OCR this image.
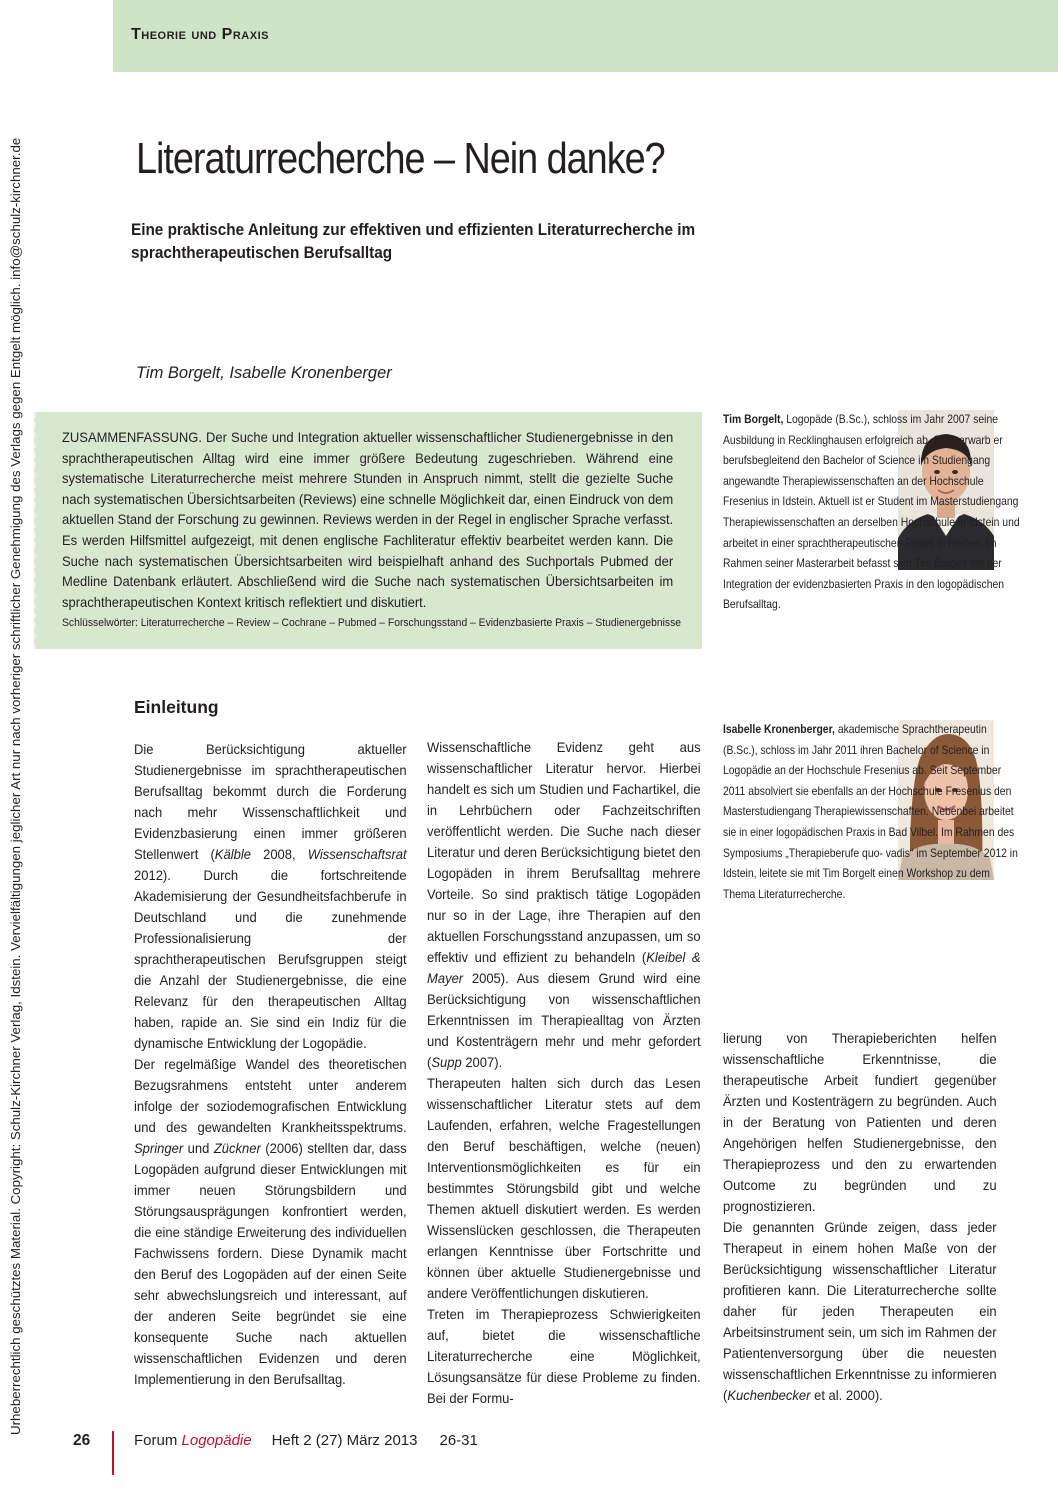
Theorie und Praxis
Urheberrechtlich geschütztes Material. Copyright: Schulz-Kirchner Verlag, Idstein. Vervielfältigungen jeglicher Art nur nach vorheriger schriftlicher Genehmigung des Verlags gegen Entgelt möglich. info@schulz-kirchner.de	Literaturrecherche – Nein danke?
Eine praktische Anleitung zur effektiven und effizienten Literaturrecherche im sprachtherapeutischen Berufsalltag
Tim Borgelt, Isabelle Kronenberger
ZUSAMMENFASSUNG. Der Suche und Integration aktueller wissenschaftlicher Studienergebnisse in den sprachtherapeutischen Alltag wird eine immer größere Bedeutung zugeschrieben. Während eine systematische Literaturrecherche meist mehrere Stunden in Anspruch nimmt, stellt die gezielte Suche nach systematischen Übersichtsarbeiten (Reviews) eine schnelle Möglichkeit dar, einen Eindruck von dem aktuellen Stand der Forschung zu gewinnen. Reviews werden in der Regel in englischer Sprache verfasst. Es werden Hilfsmittel aufgezeigt, mit denen englische Fachliteratur effektiv bearbeitet werden kann. Die Suche nach systematischen Übersichtsarbeiten wird beispielhaft anhand des Suchportals Pubmed der Medline Datenbank erläutert. Abschließend wird die Suche nach systematischen Übersichtsarbeiten im sprachtherapeutischen Kontext kritisch reflektiert und diskutiert.
Schlüsselwörter: Literaturrecherche – Review – Cochrane – Pubmed – Forschungsstand – Evidenzbasierte Praxis – Studienergebnisse
Einleitung

Die Berücksichtigung aktueller Studienergebnisse im sprachtherapeutischen Berufsalltag bekommt durch die Forderung nach mehr Wissenschaftlichkeit und Evidenzbasierung einen immer größeren Stellenwert (Kälble 2008, Wissenschaftsrat 2012). Durch die fortschreitende Akademisierung der Gesundheitsfachberufe in Deutschland und die zunehmende Professionalisierung der sprachtherapeutischen Berufsgruppen steigt die Anzahl der Studienergebnisse, die eine Relevanz für den therapeutischen Alltag haben, rapide an. Sie sind ein Indiz für die dynamische Entwicklung der Logopädie.

Der regelmäßige Wandel des theoretischen Bezugsrahmens entsteht unter anderem infolge der soziodemografischen Entwicklung und des gewandelten Krankheitsspektrums. Springer und Zückner (2006) stellten dar, dass Logopäden aufgrund dieser Entwicklungen mit immer neuen Störungsbildern und Störungsausprägungen konfrontiert werden, die eine ständige Erweiterung des individuellen Fachwissens fordern. Diese Dynamik macht den Beruf des Logopäden auf der einen Seite sehr abwechslungsreich und interessant, auf der anderen Seite begründet sie eine konsequente Suche nach aktuellen wissenschaftlichen Evidenzen und deren Implementierung in den Berufsalltag.

Wissenschaftliche Evidenz geht aus wissenschaftlicher Literatur hervor. Hierbei handelt es sich um Studien und Fachartikel, die in Lehrbüchern oder Fachzeitschriften veröffentlicht werden. Die Suche nach dieser Literatur und deren Berücksichtigung bietet den Logopäden in ihrem Berufsalltag mehrere Vorteile. So sind praktisch tätige Logopäden nur so in der Lage, ihre Therapien auf den aktuellen Forschungsstand anzupassen, um so effektiv und effizient zu behandeln (Kleibel & Mayer 2005). Aus diesem Grund wird eine Berücksichtigung von wissenschaftlichen Erkenntnissen im Therapiealltag von Ärzten und Kostenträgern mehr und mehr gefordert (Supp 2007).

Therapeuten halten sich durch das Lesen wissenschaftlicher Literatur stets auf dem Laufenden, erfahren, welche Fragestellungen den Beruf beschäftigen, welche (neuen) Interventionsmöglichkeiten es für ein bestimmtes Störungsbild gibt und welche Themen aktuell diskutiert werden. Es werden Wissenslücken geschlossen, die Therapeuten erlangen Kenntnisse über Fortschritte und können über aktuelle Studienergebnisse und andere Veröffentlichungen diskutieren.

Treten im Therapieprozess Schwierigkeiten auf, bietet die wissenschaftliche Literaturrecherche eine Möglichkeit, Lösungsansätze für diese Probleme zu finden. Bei der Formu-

lierung von Therapieberichten helfen wissenschaftliche Erkenntnisse, die therapeutische Arbeit fundiert gegenüber Ärzten und Kostenträgern zu begründen. Auch in der Beratung von Patienten und deren Angehörigen helfen Studienergebnisse, den Therapieprozess und den zu erwartenden Outcome zu begründen und zu prognostizieren.

Die genannten Gründe zeigen, dass jeder Therapeut in einem hohen Maße von der Berücksichtigung wissenschaftlicher Literatur profitieren kann. Die Literaturrecherche sollte daher für jeden Therapeuten ein Arbeitsinstrument sein, um sich im Rahmen der Patientenversorgung über die neuesten wissenschaftlichen Erkenntnisse zu informieren (Kuchenbecker et al. 2000).

Tim Borgelt, Logopäde (B.Sc.), schloss im Jahr 2007 seine Ausbildung in Recklinghausen erfolgreich ab. 2011 erwarb er berufsbegleitend den Bachelor of Science im Studiengang angewandte Therapiewissenschaften an der Hochschule Fresenius in Idstein. Aktuell ist er Student im Masterstudiengang Therapiewissenschaften an derselben Hochschule in Idstein und arbeitet in einer sprachtherapeutischen Praxis in Herten. Im Rahmen seiner Masterarbeit befasst sich Tim Borgelt mit der Integration der evidenzbasierten Praxis in den logopädischen Berufsalltag.
Isabelle Kronenberger, akademische Sprachtherapeutin (B.Sc.), schloss im Jahr 2011 ihren Bachelor of Science in Logopädie an der Hochschule Fresenius ab. Seit September 2011 absolviert sie ebenfalls an der Hochschule Fresenius den Masterstudiengang Therapiewissenschaften. Nebenbei arbeitet sie in einer logopädischen Praxis in Bad Vilbel. Im Rahmen des Symposiums „Therapieberufe quo- vadis“ im September 2012 in Idstein, leitete sie mit Tim Borgelt einen Workshop zu dem Thema Literaturrecherche.
26	Forum Logopädie Heft 2 (27) März 2013 26-31
